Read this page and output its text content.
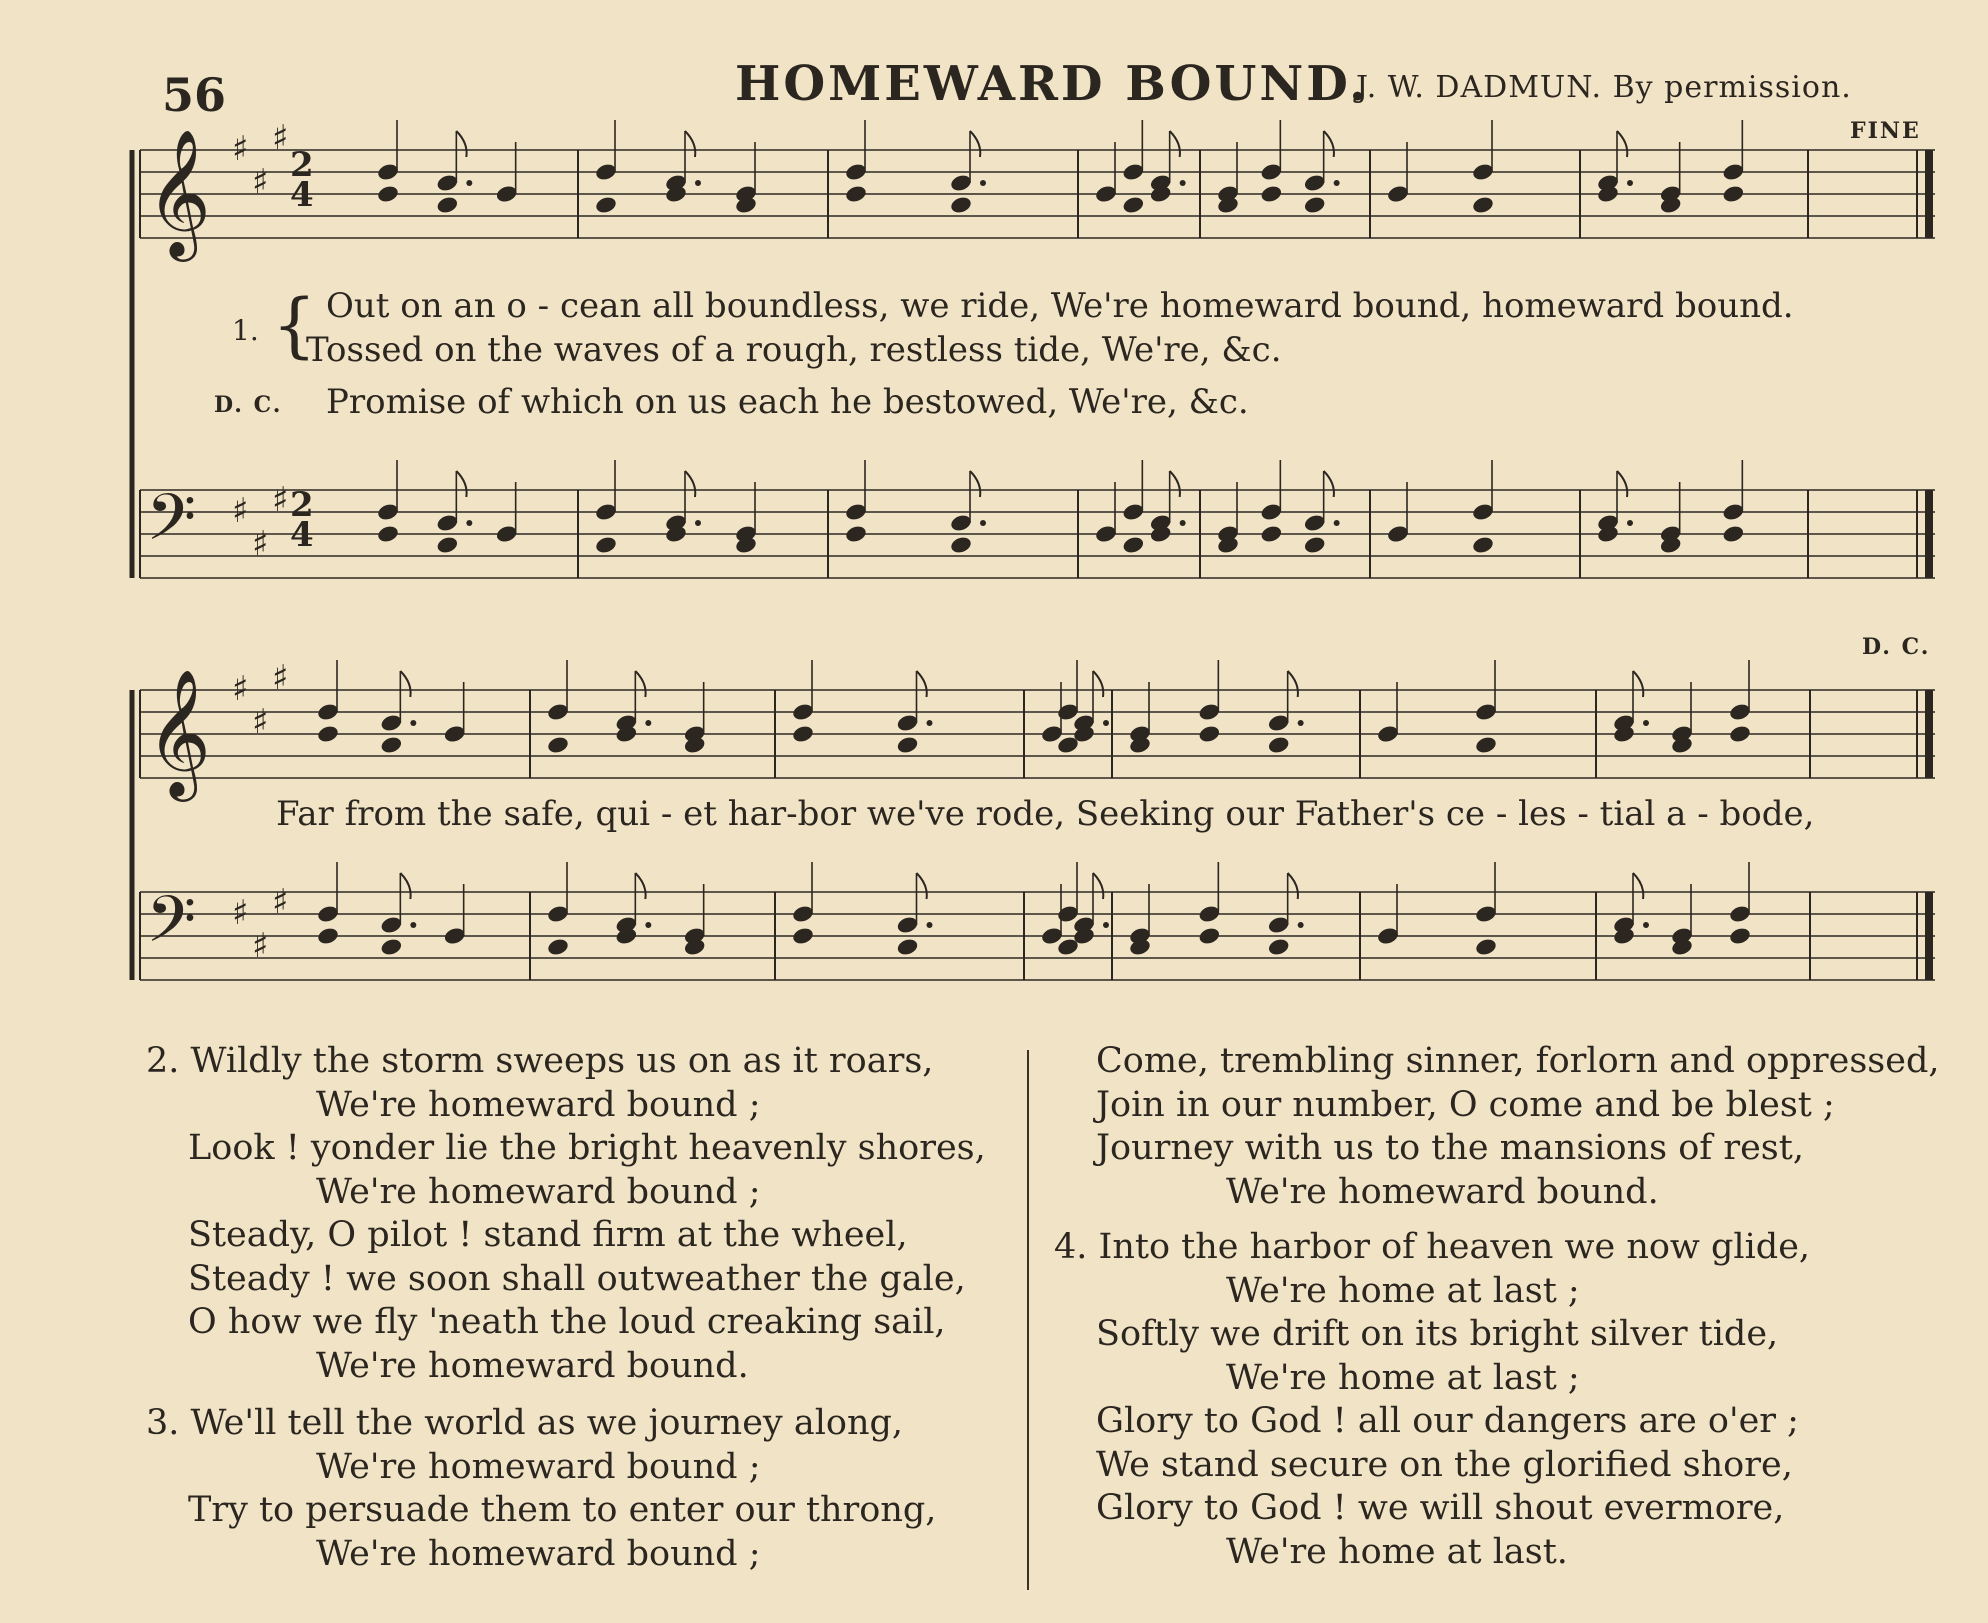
56	HOMEWARD BOUND.
J. W. DADMUN. By permission.
FINE
D. C.
𝄞 ♯
♯
♯
𝄢 ♯
♯
♯
𝄞 ♯
♯
♯
𝄢 ♯
♯
♯
2
4
2
4
1. { Out on an o - cean all boundless, we ride, We're homeward bound, homeward bound.
Tossed on the waves of a rough, restless tide, We're, &c.
D. C. Promise of which on us each he bestowed, We're, &c.
Far from the safe, qui - et har-bor we've rode, Seeking our Father's ce - les - tial a - bode,
2. Wildly the storm sweeps us on as it roars,
We're homeward bound ;
Look ! yonder lie the bright heavenly shores,
We're homeward bound ;
Steady, O pilot ! stand firm at the wheel,
Steady ! we soon shall outweather the gale,
O how we fly 'neath the loud creaking sail,
We're homeward bound.
3. We'll tell the world as we journey along,
We're homeward bound ;
Try to persuade them to enter our throng,
We're homeward bound ;
Come, trembling sinner, forlorn and oppressed,
Join in our number, O come and be blest ;
Journey with us to the mansions of rest,
We're homeward bound.
4. Into the harbor of heaven we now glide,
We're home at last ;
Softly we drift on its bright silver tide,
We're home at last ;
Glory to God ! all our dangers are o'er ;
We stand secure on the glorified shore,
Glory to God ! we will shout evermore,
We're home at last.
